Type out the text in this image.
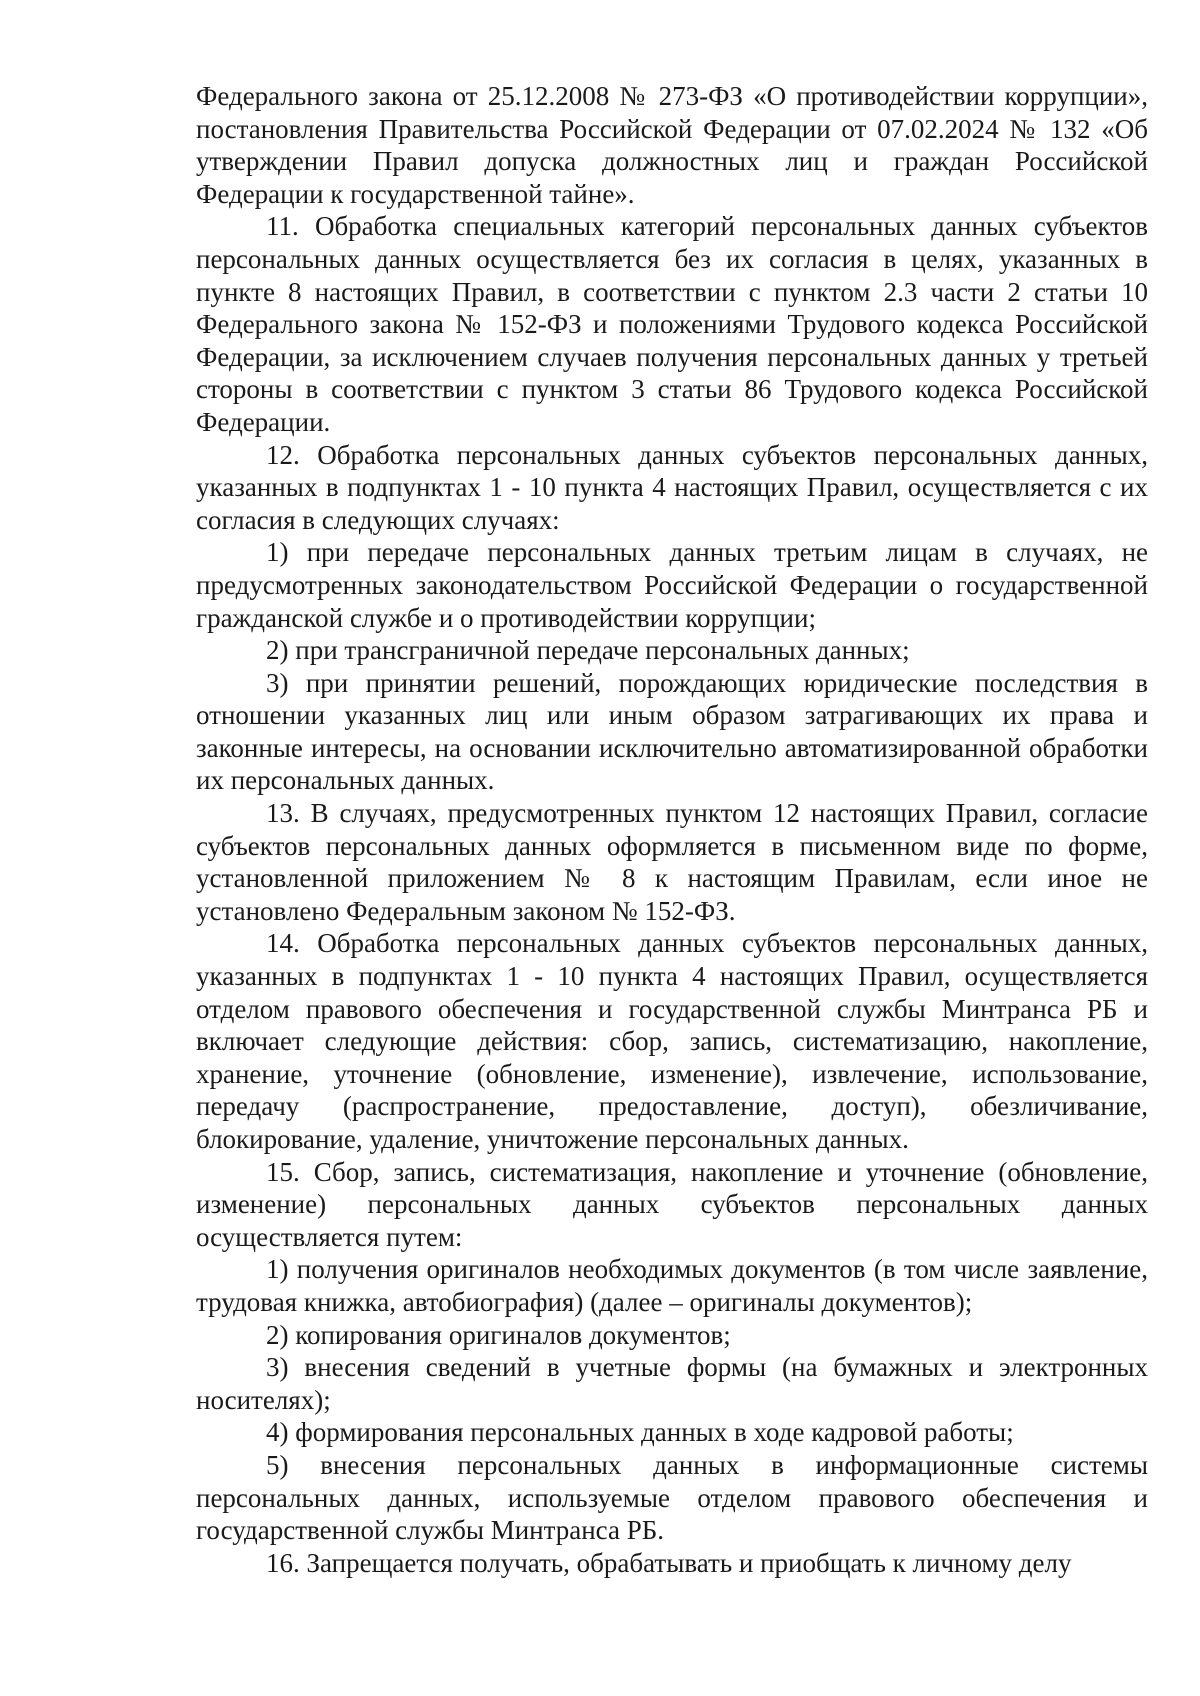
Федерального закона от 25.12.2008 № 273-ФЗ «О противодействии коррупции», постановления Правительства Российской Федерации от 07.02.2024 № 132 «Об утверждении Правил допуска должностных лиц и граждан Российской Федерации к государственной тайне».

11. Обработка специальных категорий персональных данных субъектов персональных данных осуществляется без их согласия в целях, указанных в пункте 8 настоящих Правил, в соответствии с пунктом 2.3 части 2 статьи 10 Федерального закона № 152-ФЗ и положениями Трудового кодекса Российской Федерации, за исключением случаев получения персональных данных у третьей стороны в соответствии с пунктом 3 статьи 86 Трудового кодекса Российской Федерации.

12. Обработка персональных данных субъектов персональных данных, указанных в подпунктах 1 - 10 пункта 4 настоящих Правил, осуществляется с их согласия в следующих случаях:

1) при передаче персональных данных третьим лицам в случаях, не предусмотренных законодательством Российской Федерации о государственной гражданской службе и о противодействии коррупции;

2) при трансграничной передаче персональных данных;

3) при принятии решений, порождающих юридические последствия в отношении указанных лиц или иным образом затрагивающих их права и законные интересы, на основании исключительно автоматизированной обработки их персональных данных.

13. В случаях, предусмотренных пунктом 12 настоящих Правил, согласие субъектов персональных данных оформляется в письменном виде по форме, установленной приложением № 8 к настоящим Правилам, если иное не установлено Федеральным законом № 152-ФЗ.

14. Обработка персональных данных субъектов персональных данных, указанных в подпунктах 1 - 10 пункта 4 настоящих Правил, осуществляется отделом правового обеспечения и государственной службы Минтранса РБ и включает следующие действия: сбор, запись, систематизацию, накопление, хранение, уточнение (обновление, изменение), извлечение, использование, передачу (распространение, предоставление, доступ), обезличивание, блокирование, удаление, уничтожение персональных данных.

15. Сбор, запись, систематизация, накопление и уточнение (обновление, изменение) персональных данных субъектов персональных данных осуществляется путем:

1) получения оригиналов необходимых документов (в том числе заявление, трудовая книжка, автобиография) (далее – оригиналы документов);

2) копирования оригиналов документов;

3) внесения сведений в учетные формы (на бумажных и электронных носителях);

4) формирования персональных данных в ходе кадровой работы;

5) внесения персональных данных в информационные системы персональных данных, используемые отделом правового обеспечения и государственной службы Минтранса РБ.

16. Запрещается получать, обрабатывать и приобщать к личному делу
